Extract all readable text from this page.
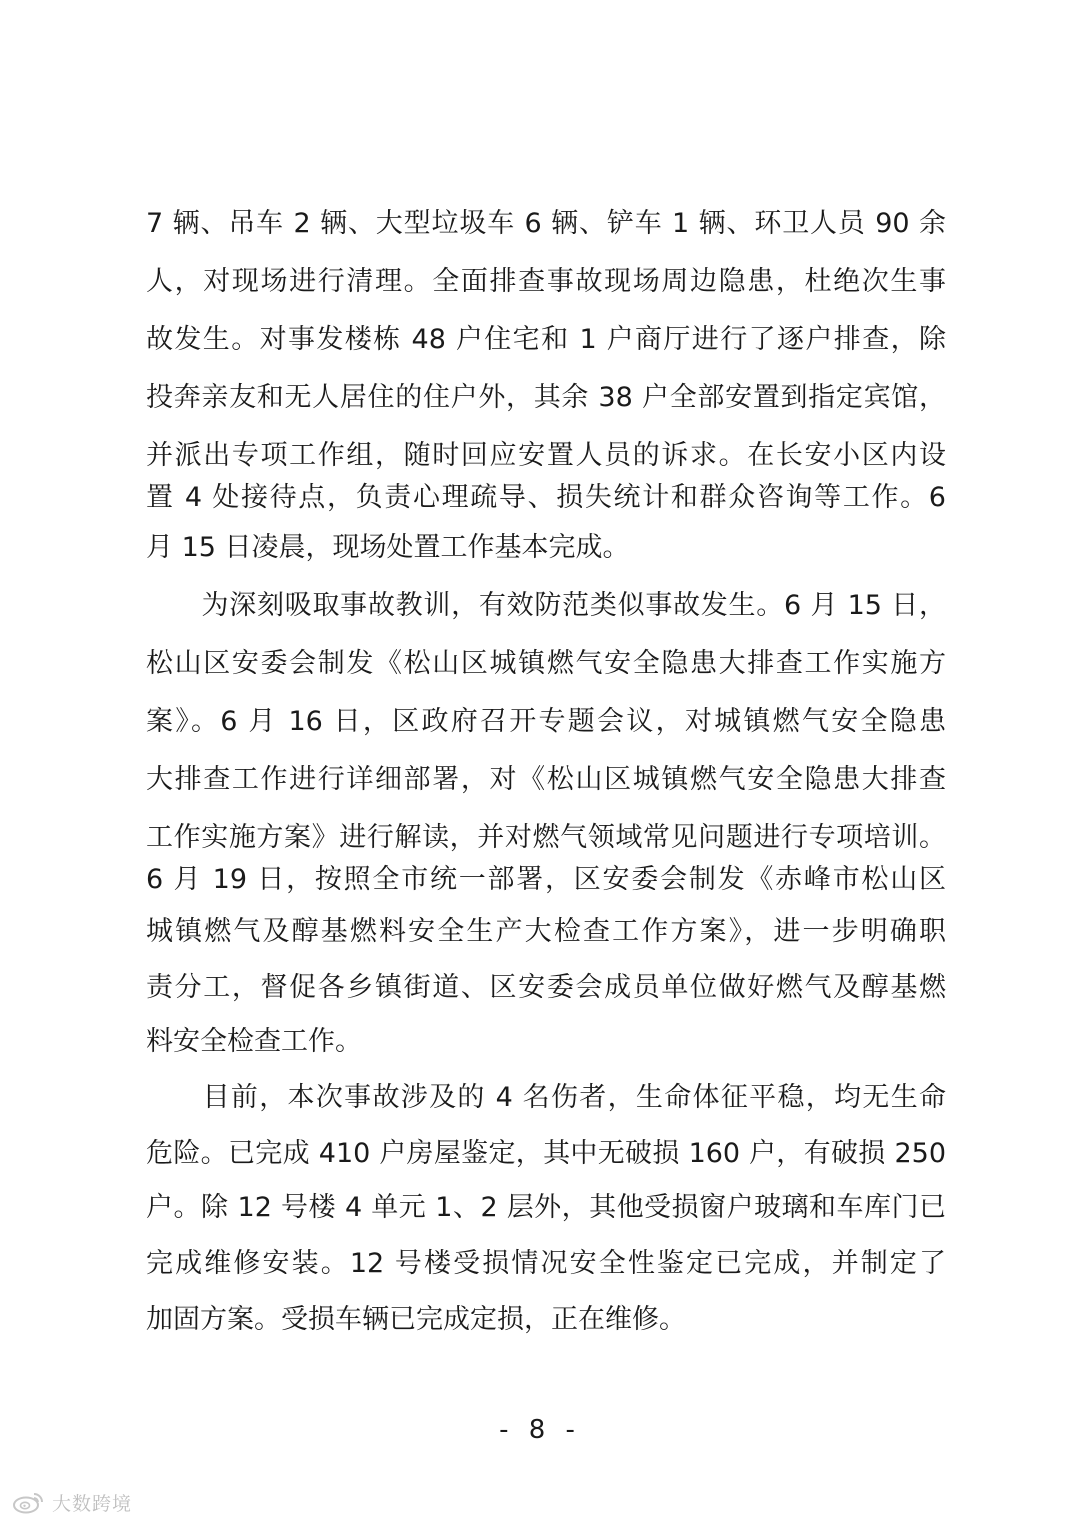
7 辆、吊车 2 辆、大型垃圾车 6 辆、铲车 1 辆、环卫人员 90 余
人，对现场进行清理。全面排查事故现场周边隐患，杜绝次生事
故发生。对事发楼栋 48 户住宅和 1 户商厅进行了逐户排查，除
投奔亲友和无人居住的住户外，其余 38 户全部安置到指定宾馆，
并派出专项工作组，随时回应安置人员的诉求。在长安小区内设
置 4 处接待点，负责心理疏导、损失统计和群众咨询等工作。6
月 15 日凌晨，现场处置工作基本完成。
　　为深刻吸取事故教训，有效防范类似事故发生。6 月 15 日，
松山区安委会制发《松山区城镇燃气安全隐患大排查工作实施方
案》。6 月 16 日，区政府召开专题会议，对城镇燃气安全隐患
大排查工作进行详细部署，对《松山区城镇燃气安全隐患大排查
工作实施方案》进行解读，并对燃气领域常见问题进行专项培训。
6 月 19 日，按照全市统一部署，区安委会制发《赤峰市松山区
城镇燃气及醇基燃料安全生产大检查工作方案》，进一步明确职
责分工，督促各乡镇街道、区安委会成员单位做好燃气及醇基燃
料安全检查工作。
　　目前，本次事故涉及的 4 名伤者，生命体征平稳，均无生命
危险。已完成 410 户房屋鉴定，其中无破损 160 户，有破损 250
户。除 12 号楼 4 单元 1、2 层外，其他受损窗户玻璃和车库门已
完成维修安装。12 号楼受损情况安全性鉴定已完成，并制定了
加固方案。受损车辆已完成定损，正在维修。
- 8 -
大数跨境
